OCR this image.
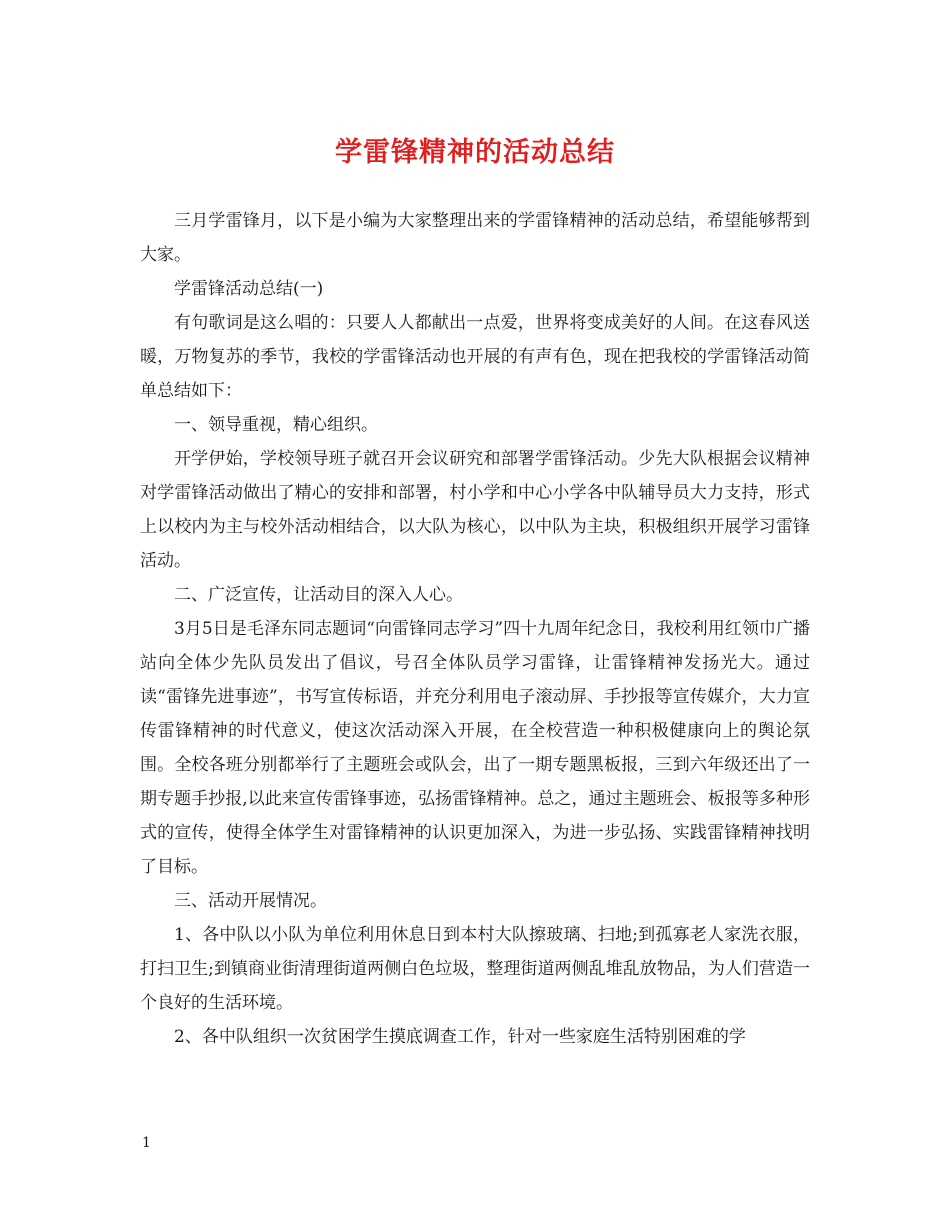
学雷锋精神的活动总结

三月学雷锋月，以下是小编为大家整理出来的学雷锋精神的活动总结，希望能够帮到大家。

学雷锋活动总结(一)

有句歌词是这么唱的：只要人人都献出一点爱，世界将变成美好的人间。在这春风送暖，万物复苏的季节，我校的学雷锋活动也开展的有声有色，现在把我校的学雷锋活动简单总结如下：

一、领导重视，精心组织。

开学伊始，学校领导班子就召开会议研究和部署学雷锋活动。少先大队根据会议精神对学雷锋活动做出了精心的安排和部署，村小学和中心小学各中队辅导员大力支持，形式上以校内为主与校外活动相结合，以大队为核心，以中队为主块，积极组织开展学习雷锋活动。

二、广泛宣传，让活动目的深入人心。

3月5日是毛泽东同志题词“向雷锋同志学习”四十九周年纪念日，我校利用红领巾广播站向全体少先队员发出了倡议，号召全体队员学习雷锋，让雷锋精神发扬光大。通过读“雷锋先进事迹”，书写宣传标语，并充分利用电子滚动屏、手抄报等宣传媒介，大力宣传雷锋精神的时代意义，使这次活动深入开展，在全校营造一种积极健康向上的舆论氛围。全校各班分别都举行了主题班会或队会，出了一期专题黑板报，三到六年级还出了一期专题手抄报,以此来宣传雷锋事迹，弘扬雷锋精神。总之，通过主题班会、板报等多种形式的宣传，使得全体学生对雷锋精神的认识更加深入，为进一步弘扬、实践雷锋精神找明了目标。

三、活动开展情况。

1、各中队以小队为单位利用休息日到本村大队擦玻璃、扫地;到孤寡老人家洗衣服，打扫卫生;到镇商业街清理街道两侧白色垃圾，整理街道两侧乱堆乱放物品，为人们营造一个良好的生活环境。

2、各中队组织一次贫困学生摸底调查工作，针对一些家庭生活特别困难的学

1
